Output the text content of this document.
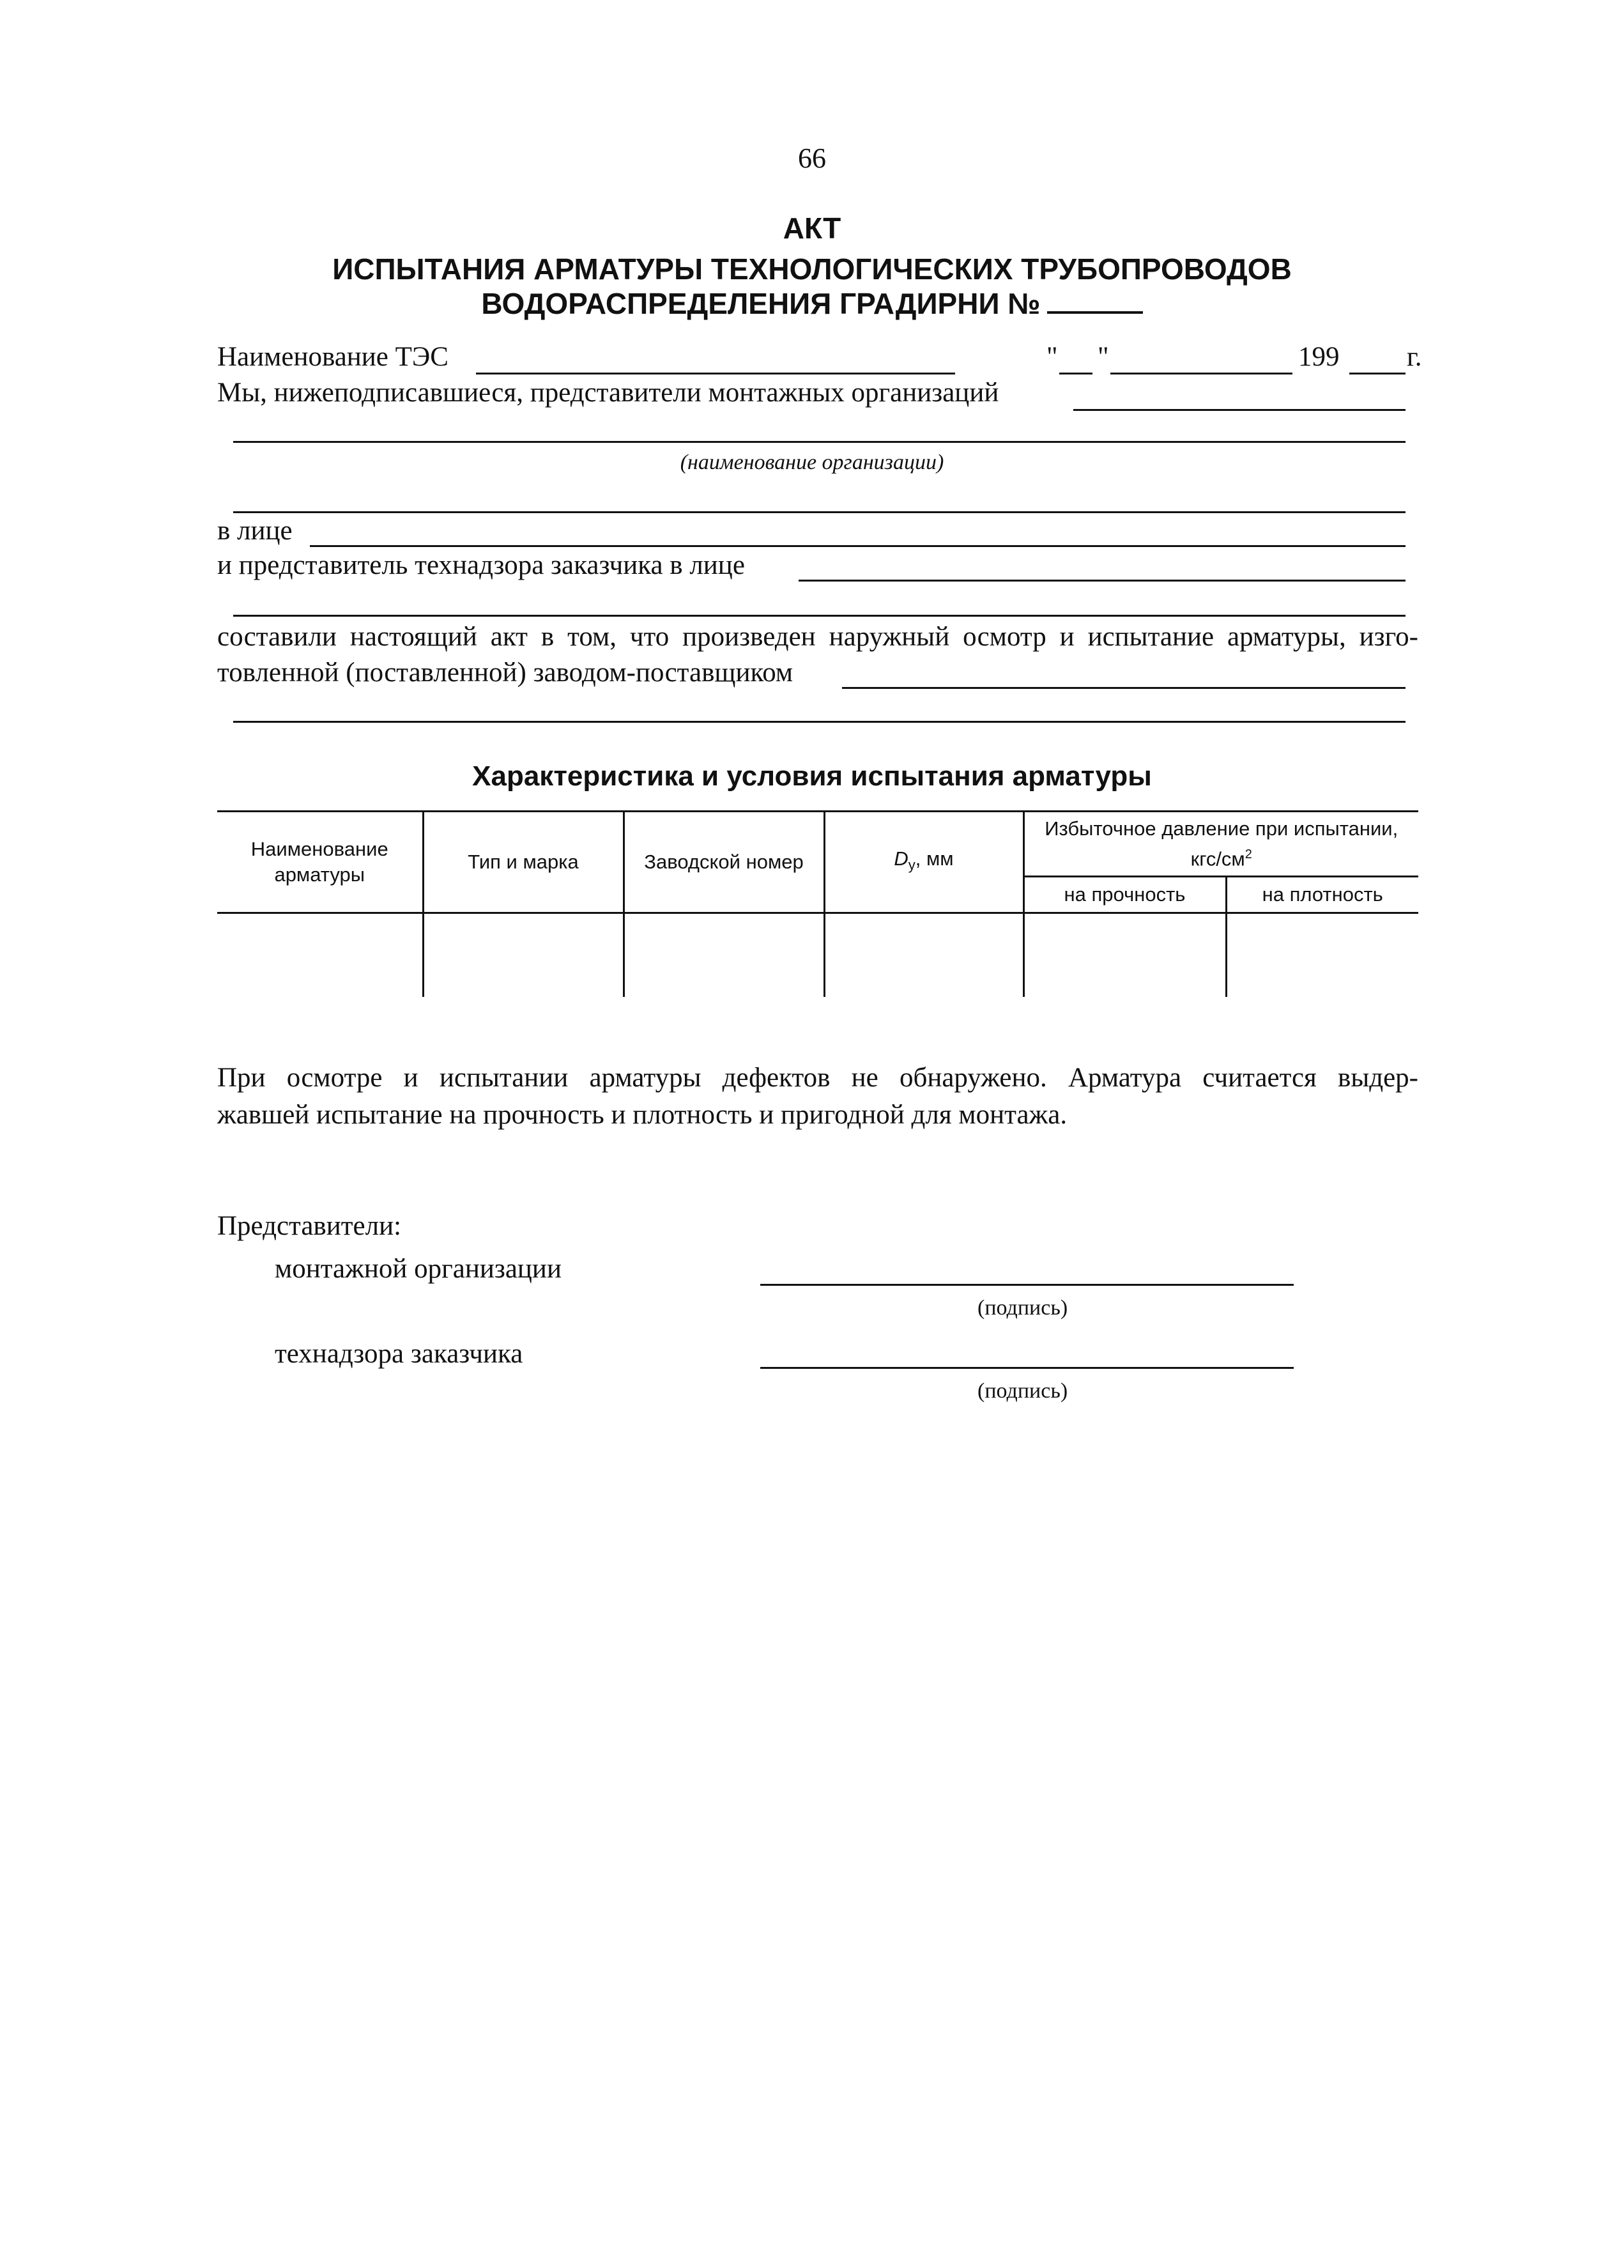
66
АКТ
ИСПЫТАНИЯ АРМАТУРЫ ТЕХНОЛОГИЧЕСКИХ ТРУБОПРОВОДОВ
ВОДОРАСПРЕДЕЛЕНИЯ ГРАДИРНИ №
Наименование ТЭС	" "	199 г.
Мы, нижеподписавшиеся, представители монтажных организаций
(наименование организации)
в лице
и представитель технадзора заказчика в лице
составили настоящий акт в том, что произведен наружный осмотр и испытание арматуры, изго-
товленной (поставленной) заводом-поставщиком
Характеристика и условия испытания арматуры
Наименование арматуры	Тип и марка	Заводской номер	$D_y$, мм	Избыточное давление при испытании, кгс/$см^2$
				на прочность	на плотность

При осмотре и испытании арматуры дефектов не обнаружено. Арматура считается выдер-
жавшей испытание на прочность и плотность и пригодной для монтажа.
Представители:
монтажной организации
(подпись)
технадзора заказчика
(подпись)
